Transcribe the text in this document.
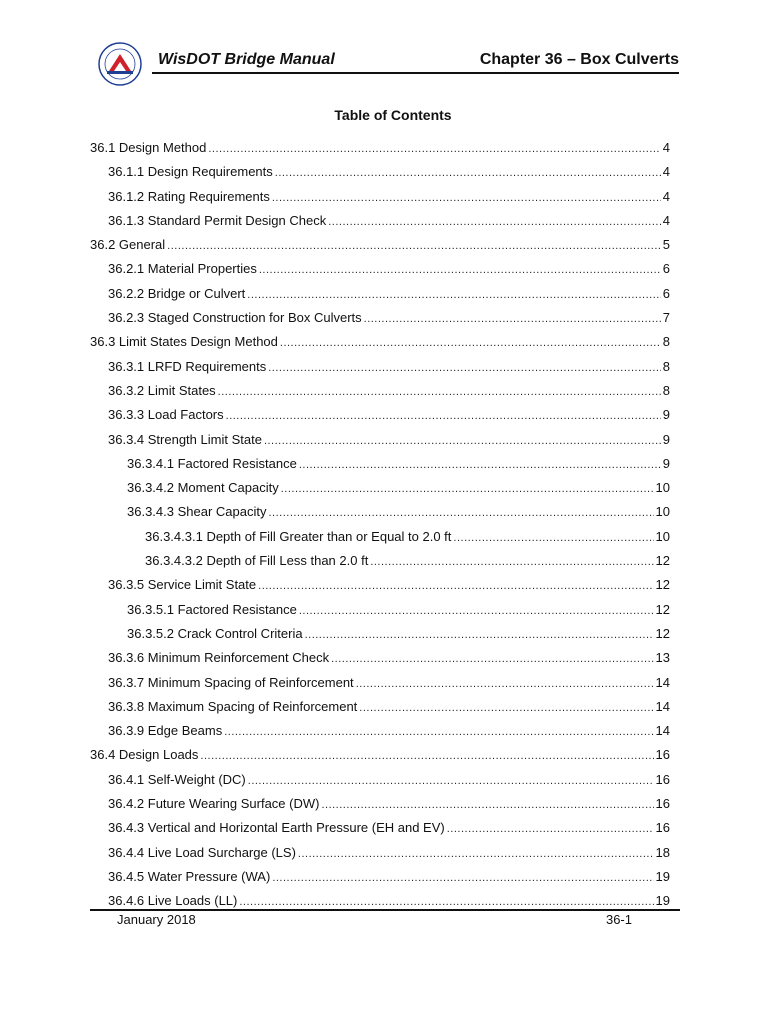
WisDOT Bridge Manual	Chapter 36 – Box Culverts
Table of Contents
36.1 Design Method .....	4
36.1.1 Design Requirements .....	4
36.1.2 Rating Requirements .....	4
36.1.3 Standard Permit Design Check .....	4
36.2 General .....	5
36.2.1 Material Properties .....	6
36.2.2 Bridge or Culvert .....	6
36.2.3 Staged Construction for Box Culverts .....	7
36.3 Limit States Design Method .....	8
36.3.1 LRFD Requirements .....	8
36.3.2 Limit States .....	8
36.3.3 Load Factors .....	9
36.3.4 Strength Limit State .....	9
36.3.4.1 Factored Resistance .....	9
36.3.4.2 Moment Capacity .....	10
36.3.4.3 Shear Capacity .....	10
36.3.4.3.1 Depth of Fill Greater than or Equal to 2.0 ft .....	10
36.3.4.3.2 Depth of Fill Less than 2.0 ft .....	12
36.3.5 Service Limit State .....	12
36.3.5.1 Factored Resistance .....	12
36.3.5.2 Crack Control Criteria .....	12
36.3.6 Minimum Reinforcement Check .....	13
36.3.7 Minimum Spacing of Reinforcement .....	14
36.3.8 Maximum Spacing of Reinforcement .....	14
36.3.9 Edge Beams .....	14
36.4 Design Loads .....	16
36.4.1 Self-Weight (DC) .....	16
36.4.2 Future Wearing Surface (DW) .....	16
36.4.3 Vertical and Horizontal Earth Pressure (EH and EV) .....	16
36.4.4 Live Load Surcharge (LS) .....	18
36.4.5 Water Pressure (WA) .....	19
36.4.6 Live Loads (LL) .....	19
January 2018	36-1
